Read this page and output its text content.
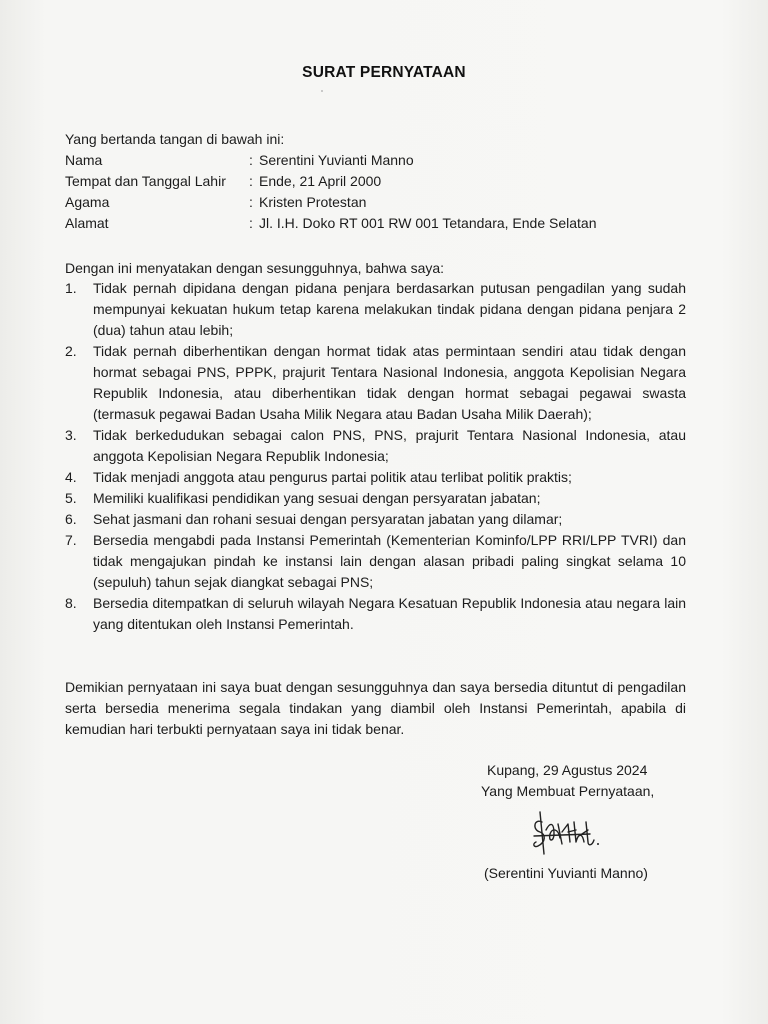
SURAT PERNYATAAN
Yang bertanda tangan di bawah ini:
Nama	:	Serentini Yuvianti Manno
Tempat dan Tanggal Lahir	:	Ende, 21 April 2000
Agama	:	Kristen Protestan
Alamat	:	Jl. I.H. Doko RT 001 RW 001 Tetandara, Ende Selatan
Dengan ini menyatakan dengan sesungguhnya, bahwa saya:
1. Tidak pernah dipidana dengan pidana penjara berdasarkan putusan pengadilan yang sudah mempunyai kekuatan hukum tetap karena melakukan tindak pidana dengan pidana penjara 2 (dua) tahun atau lebih;
2. Tidak pernah diberhentikan dengan hormat tidak atas permintaan sendiri atau tidak dengan hormat sebagai PNS, PPPK, prajurit Tentara Nasional Indonesia, anggota Kepolisian Negara Republik Indonesia, atau diberhentikan tidak dengan hormat sebagai pegawai swasta (termasuk pegawai Badan Usaha Milik Negara atau Badan Usaha Milik Daerah);
3. Tidak berkedudukan sebagai calon PNS, PNS, prajurit Tentara Nasional Indonesia, atau anggota Kepolisian Negara Republik Indonesia;
4. Tidak menjadi anggota atau pengurus partai politik atau terlibat politik praktis;
5. Memiliki kualifikasi pendidikan yang sesuai dengan persyaratan jabatan;
6. Sehat jasmani dan rohani sesuai dengan persyaratan jabatan yang dilamar;
7. Bersedia mengabdi pada Instansi Pemerintah (Kementerian Kominfo/LPP RRI/LPP TVRI) dan tidak mengajukan pindah ke instansi lain dengan alasan pribadi paling singkat selama 10 (sepuluh) tahun sejak diangkat sebagai PNS;
8. Bersedia ditempatkan di seluruh wilayah Negara Kesatuan Republik Indonesia atau negara lain yang ditentukan oleh Instansi Pemerintah.
Demikian pernyataan ini saya buat dengan sesungguhnya dan saya bersedia dituntut di pengadilan serta bersedia menerima segala tindakan yang diambil oleh Instansi Pemerintah, apabila di kemudian hari terbukti pernyataan saya ini tidak benar.
Kupang, 29 Agustus 2024
Yang Membuat Pernyataan,
(Serentini Yuvianti Manno)
